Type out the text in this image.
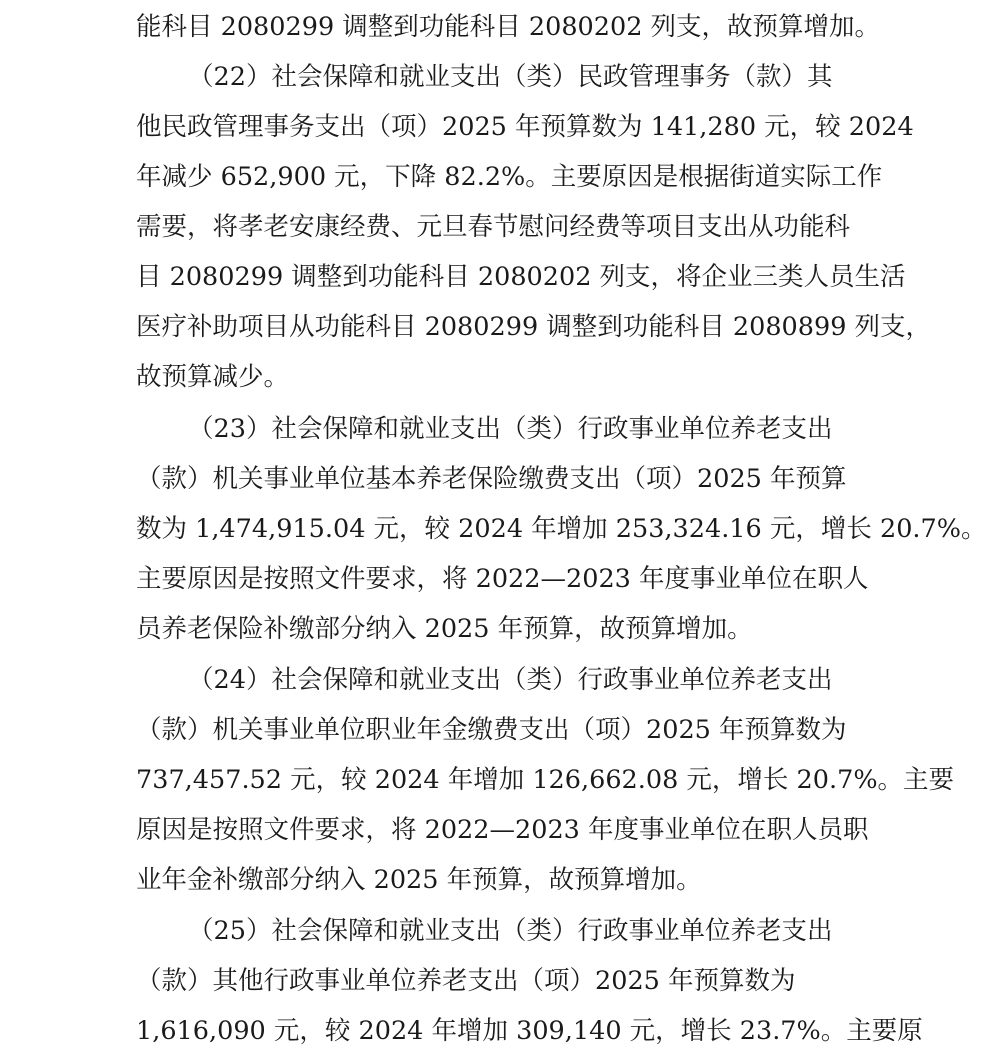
能科目 2080299 调整到功能科目 2080202 列支，故预算增加。
（22）社会保障和就业支出（类）民政管理事务（款）其
他民政管理事务支出（项）2025 年预算数为 141,280 元，较 2024
年减少 652,900 元，下降 82.2%。主要原因是根据街道实际工作
需要，将孝老安康经费、元旦春节慰问经费等项目支出从功能科
目 2080299 调整到功能科目 2080202 列支，将企业三类人员生活
医疗补助项目从功能科目 2080299 调整到功能科目 2080899 列支，
故预算减少。
（23）社会保障和就业支出（类）行政事业单位养老支出
（款）机关事业单位基本养老保险缴费支出（项）2025 年预算
数为 1,474,915.04 元，较 2024 年增加 253,324.16 元，增长 20.7%。
主要原因是按照文件要求，将 2022—2023 年度事业单位在职人
员养老保险补缴部分纳入 2025 年预算，故预算增加。
（24）社会保障和就业支出（类）行政事业单位养老支出
（款）机关事业单位职业年金缴费支出（项）2025 年预算数为
737,457.52 元，较 2024 年增加 126,662.08 元，增长 20.7%。主要
原因是按照文件要求，将 2022—2023 年度事业单位在职人员职
业年金补缴部分纳入 2025 年预算，故预算增加。
（25）社会保障和就业支出（类）行政事业单位养老支出
（款）其他行政事业单位养老支出（项）2025 年预算数为
1,616,090 元，较 2024 年增加 309,140 元，增长 23.7%。主要原
